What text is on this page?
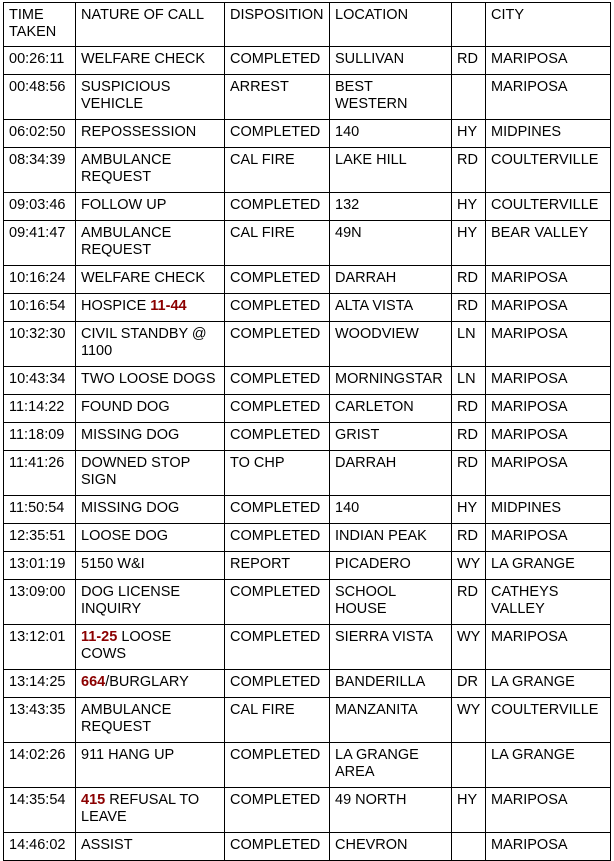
TIME TAKEN	NATURE OF CALL	DISPOSITION	LOCATION		CITY
00:26:11	WELFARE CHECK	COMPLETED	SULLIVAN	RD	MARIPOSA
00:48:56	SUSPICIOUS VEHICLE	ARREST	BEST WESTERN		MARIPOSA
06:02:50	REPOSSESSION	COMPLETED	140	HY	MIDPINES
08:34:39	AMBULANCE REQUEST	CAL FIRE	LAKE HILL	RD	COULTERVILLE
09:03:46	FOLLOW UP	COMPLETED	132	HY	COULTERVILLE
09:41:47	AMBULANCE REQUEST	CAL FIRE	49N	HY	BEAR VALLEY
10:16:24	WELFARE CHECK	COMPLETED	DARRAH	RD	MARIPOSA
10:16:54	HOSPICE 11-44	COMPLETED	ALTA VISTA	RD	MARIPOSA
10:32:30	CIVIL STANDBY @ 1100	COMPLETED	WOODVIEW	LN	MARIPOSA
10:43:34	TWO LOOSE DOGS	COMPLETED	MORNINGSTAR	LN	MARIPOSA
11:14:22	FOUND DOG	COMPLETED	CARLETON	RD	MARIPOSA
11:18:09	MISSING DOG	COMPLETED	GRIST	RD	MARIPOSA
11:41:26	DOWNED STOP SIGN	TO CHP	DARRAH	RD	MARIPOSA
11:50:54	MISSING DOG	COMPLETED	140	HY	MIDPINES
12:35:51	LOOSE DOG	COMPLETED	INDIAN PEAK	RD	MARIPOSA
13:01:19	5150 W&I	REPORT	PICADERO	WY	LA GRANGE
13:09:00	DOG LICENSE INQUIRY	COMPLETED	SCHOOL HOUSE	RD	CATHEYS VALLEY
13:12:01	11-25 LOOSE COWS	COMPLETED	SIERRA VISTA	WY	MARIPOSA
13:14:25	664/BURGLARY	COMPLETED	BANDERILLA	DR	LA GRANGE
13:43:35	AMBULANCE REQUEST	CAL FIRE	MANZANITA	WY	COULTERVILLE
14:02:26	911 HANG UP	COMPLETED	LA GRANGE AREA		LA GRANGE
14:35:54	415 REFUSAL TO LEAVE	COMPLETED	49 NORTH	HY	MARIPOSA
14:46:02	ASSIST	COMPLETED	CHEVRON		MARIPOSA
